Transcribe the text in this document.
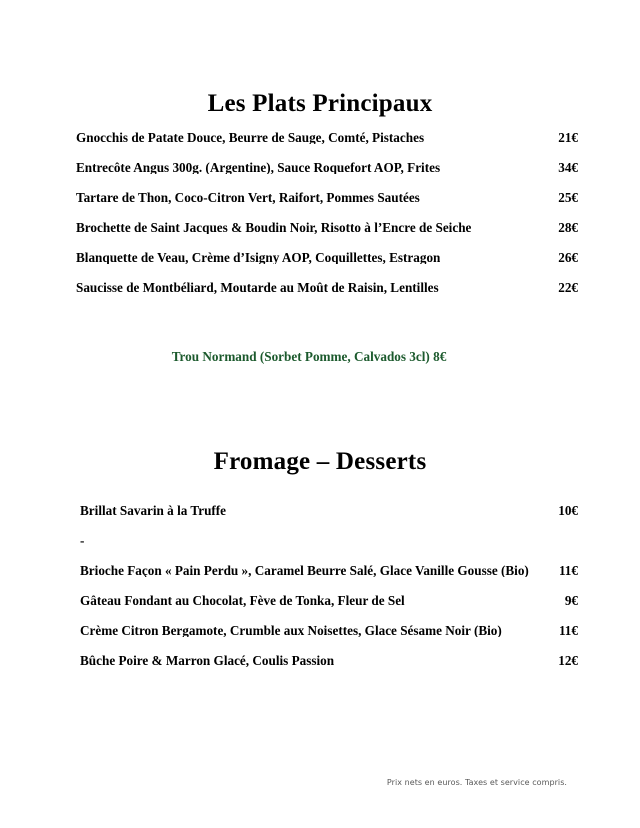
Les Plats Principaux
Gnocchis de Patate Douce, Beurre de Sauge, Comté, Pistaches	21€
Entrecôte Angus 300g. (Argentine), Sauce Roquefort AOP, Frites	34€
Tartare de Thon, Coco-Citron Vert, Raifort, Pommes Sautées	25€
Brochette de Saint Jacques & Boudin Noir, Risotto à l’Encre de Seiche	28€
Blanquette de Veau, Crème d’Isigny AOP, Coquillettes, Estragon	26€
Saucisse de Montbéliard, Moutarde au Moût de Raisin, Lentilles	22€
Trou Normand (Sorbet Pomme, Calvados 3cl) 8€
Fromage – Desserts
Brillat Savarin à la Truffe	10€
-
Brioche Façon « Pain Perdu », Caramel Beurre Salé, Glace Vanille Gousse (Bio)	11€
Gâteau Fondant au Chocolat, Fève de Tonka, Fleur de Sel	9€
Crème Citron Bergamote, Crumble aux Noisettes, Glace Sésame Noir (Bio)	11€
Bûche Poire & Marron Glacé, Coulis Passion	12€
Prix nets en euros. Taxes et service compris.
